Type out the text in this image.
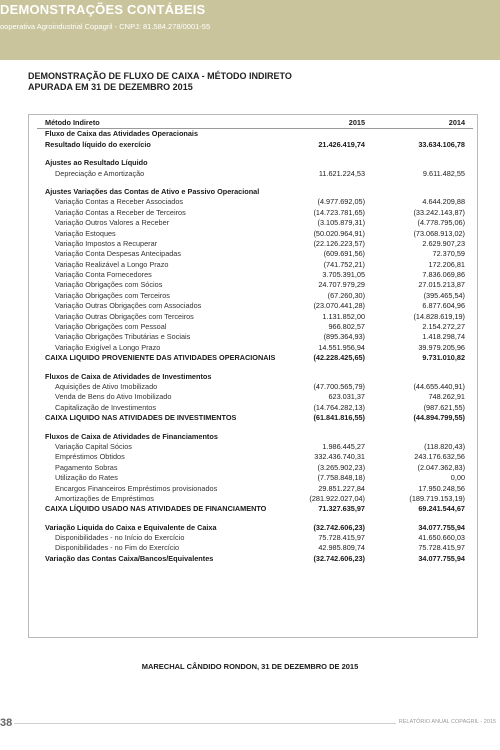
DEMONSTRAÇÕES CONTÁBEIS
ooperativa Agroindustrial Copagril - CNPJ: 81.584.278/0001-55
DEMONSTRAÇÃO DE FLUXO DE CAIXA - MÉTODO INDIRETO
APURADA EM 31 DE DEZEMBRO 2015
Método Indireto	2015	2014
Fluxo de Caixa das Atividades Operacionais
Resultado líquido do exercício	21.426.419,74	33.634.106,78
Ajustes ao Resultado Líquido
Depreciação e Amortização	11.621.224,53	9.611.482,55
Ajustes Variações das Contas de Ativo e Passivo Operacional
Variação Contas a Receber Associados	(4.977.692,05)	4.644.209,88
Variação Contas a Receber de Terceiros	(14.723.781,65)	(33.242.143,87)
Variação Outros Valores a Receber	(3.105.879,31)	(4.778.795,06)
Variação Estoques	(50.020.964,91)	(73.068.913,02)
Variação Impostos a Recuperar	(22.126.223,57)	2.629.907,23
Variação Conta Despesas Antecipadas	(609.691,56)	72.370,59
Variação Realizável a Longo Prazo	(741.752,21)	172.206,81
Variação Conta Fornecedores	3.705.391,05	7.836.069,86
Variação Obrigações com Sócios	24.707.979,29	27.015.213,87
Variação Obrigações com Terceiros	(67.260,30)	(395.465,54)
Variação Outras Obrigações com Associados	(23.070.441,28)	6.877.604,96
Variação Outras Obrigações com Terceiros	1.131.852,00	(14.828.619,19)
Variação Obrigações com Pessoal	966.802,57	2.154.272,27
Variação Obrigações Tributárias e Sociais	(895.364,93)	1.418.298,74
Variação Exigível a Longo Prazo	14.551.956,94	39.979.205,96
CAIXA LIQUIDO PROVENIENTE DAS ATIVIDADES OPERACIONAIS	(42.228.425,65)	9.731.010,82
Fluxos de Caixa de Atividades de Investimentos
Aquisições de Ativo Imobilizado	(47.700.565,79)	(44.655.440,91)
Venda de Bens do Ativo Imobilizado	623.031,37	748.262,91
Capitalização de Investimentos	(14.764.282,13)	(987.621,55)
CAIXA LIQUIDO NAS ATIVIDADES DE INVESTIMENTOS	(61.841.816,55)	(44.894.799,55)
Fluxos de Caixa de Atividades de Financiamentos
Variação Capital Sócios	1.986.445,27	(118.820,43)
Empréstimos Obtidos	332.436.740,31	243.176.632,56
Pagamento Sobras	(3.265.902,23)	(2.047.362,83)
Utilização do Rates	(7.758.848,18)	0,00
Encargos Financeiros Empréstimos provisionados	29.851.227,84	17.950.248,56
Amortizações de Empréstimos	(281.922.027,04)	(189.719.153,19)
CAIXA LÍQUIDO USADO NAS ATIVIDADES DE FINANCIAMENTO	71.327.635,97	69.241.544,67
Variação Liquida do Caixa e Equivalente de Caixa	(32.742.606,23)	34.077.755,94
Disponibilidades - no Início do Exercício	75.728.415,97	41.650.660,03
Disponibilidades - no Fim do Exercício	42.985.809,74	75.728.415,97
Variação das Contas Caixa/Bancos/Equivalentes	(32.742.606,23)	34.077.755,94
MARECHAL CÂNDIDO RONDON, 31 DE DEZEMBRO DE 2015
38	RELATÓRIO ANUAL COPAGRIL - 2015
